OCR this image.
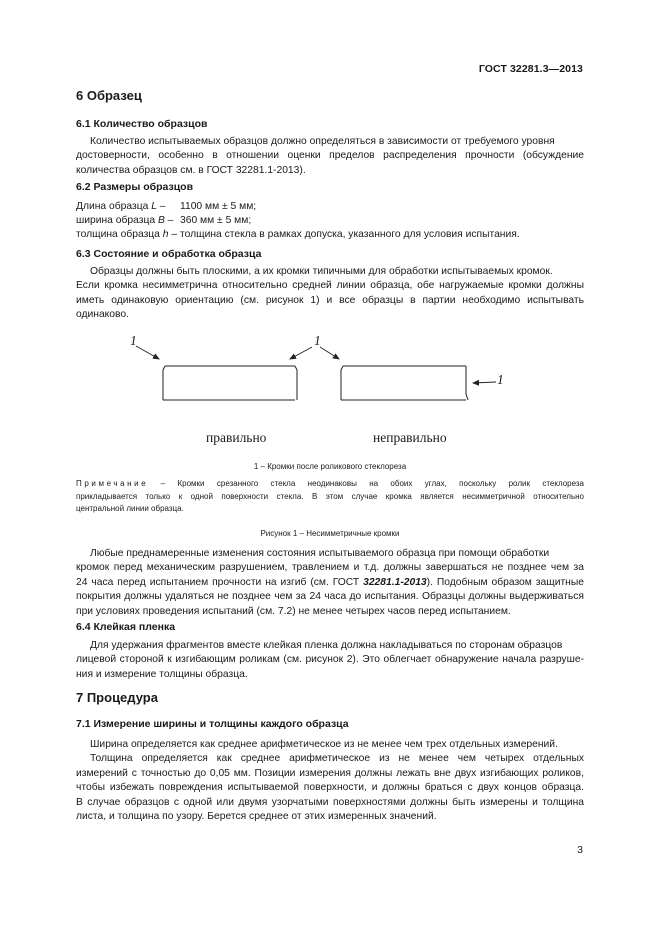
ГОСТ 32281.3—2013
6 Образец
6.1 Количество образцов
Количество испытываемых образцов должно определяться в зависимости от требуемого уровня
достоверности, особенно в отношении оценки пределов распределения прочности (обсуждение
количества образцов см. в ГОСТ 32281.1-2013).
6.2 Размеры образцов
Длина образца L – 1100 мм ± 5 мм;
ширина образца B – 360 мм ± 5 мм;
толщина образца h – толщина стекла в рамках допуска, указанного для условия испытания.
6.3 Состояние и обработка образца
Образцы должны быть плоскими, а их кромки типичными для обработки испытываемых кромок.
Если кромка несимметрична относительно средней линии образца, обе нагружаемые кромки должны
иметь одинаковую ориентацию (см. рисунок 1) и все образцы в партии необходимо испытывать
одинаково.
1	1
1
правильно	неправильно
1 – Кромки после роликового стеклореза
Примечание – Кромки срезанного стекла неодинаковы на обоих углах, поскольку ролик стеклореза
прикладывается только к одной поверхности стекла. В этом случае кромка является несимметричной относительно
центральной линии образца.
Рисунок 1 – Несимметричные кромки
Любые преднамеренные изменения состояния испытываемого образца при помощи обработки
кромок перед механическим разрушением, травлением и т.д. должны завершаться не позднее чем за
24 часа перед испытанием прочности на изгиб (см. ГОСТ 32281.1-2013). Подобным образом защитные
покрытия должны удаляться не позднее чем за 24 часа до испытания. Образцы должны выдерживаться
при условиях проведения испытаний (см. 7.2) не менее четырех часов перед испытанием.
6.4 Клейкая пленка
Для удержания фрагментов вместе клейкая пленка должна накладываться по сторонам образцов
лицевой стороной к изгибающим роликам (см. рисунок 2). Это облегчает обнаружение начала разруше-
ния и измерение толщины образца.
7 Процедура
7.1 Измерение ширины и толщины каждого образца
Ширина определяется как среднее арифметическое из не менее чем трех отдельных измерений.
Толщина определяется как среднее арифметическое из не менее чем четырех отдельных
измерений с точностью до 0,05 мм. Позиции измерения должны лежать вне двух изгибающих роликов,
чтобы избежать повреждения испытываемой поверхности, и должны браться с двух концов образца.
В случае образцов с одной или двумя узорчатыми поверхностями должны быть измерены и толщина
листа, и толщина по узору. Берется среднее от этих измеренных значений.
3
